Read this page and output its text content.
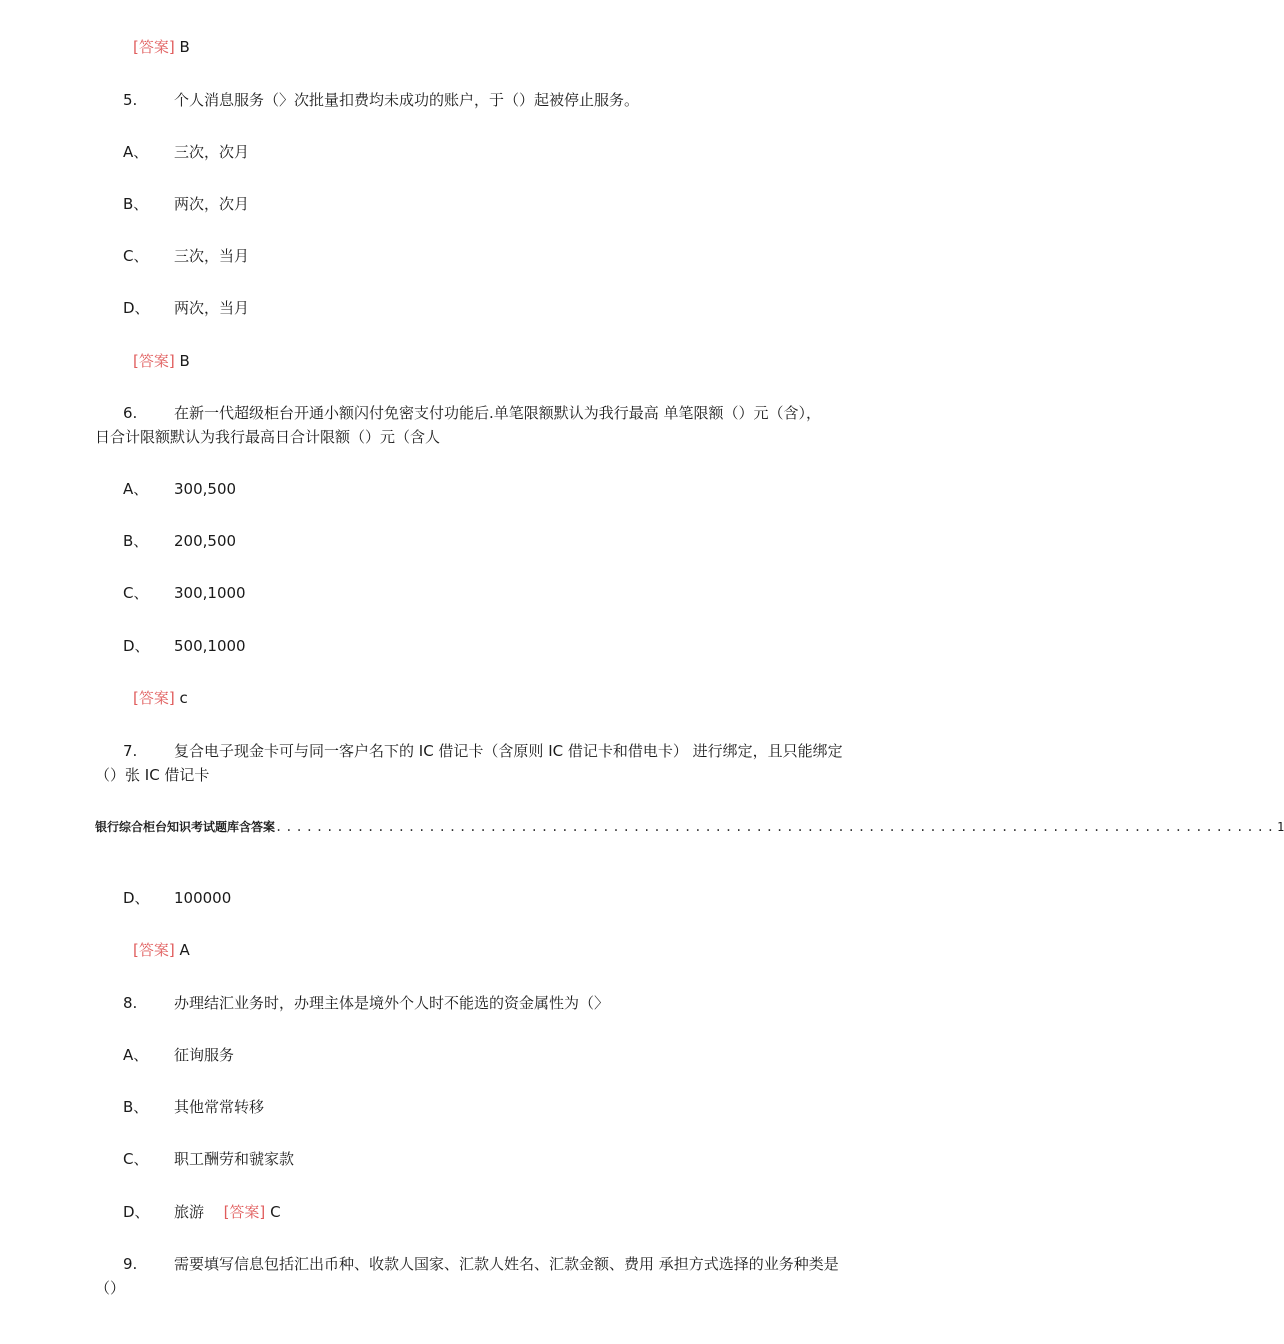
[答案] B
5. 个人消息服务（〉次批量扣费均未成功的账户，于（）起被停止服务。
A、 三次，次月
B、 两次，次月
C、 三次，当月
D、 两次，当月
[答案] B
6. 在新一代超级柜台开通小额闪付免密支付功能后.单笔限额默认为我行最高 单笔限额（）元（含），
日合计限额默认为我行最高日合计限额（）元（含人
A、 300,500
B、 200,500
C、 300,1000
D、 500,1000
[答案] c
7. 复合电子现金卡可与同一客户名下的 IC 借记卡（含原则 IC 借记卡和借电卡） 进行绑定，且只能绑定
（）张 IC 借记卡
银行综合柜台知识考试题库含答案 .................................................................................................. 1
D、 100000
[答案] A
8. 办理结汇业务时，办理主体是境外个人时不能选的资金属性为（〉
A、 征询服务
B、 其他常常转移
C、 职工酬劳和虢家款
D、 旅游 [答案] C
9. 需要填写信息包括汇出币种、收款人国家、汇款人姓名、汇款金额、费用 承担方式选择的业务种类是
（）
